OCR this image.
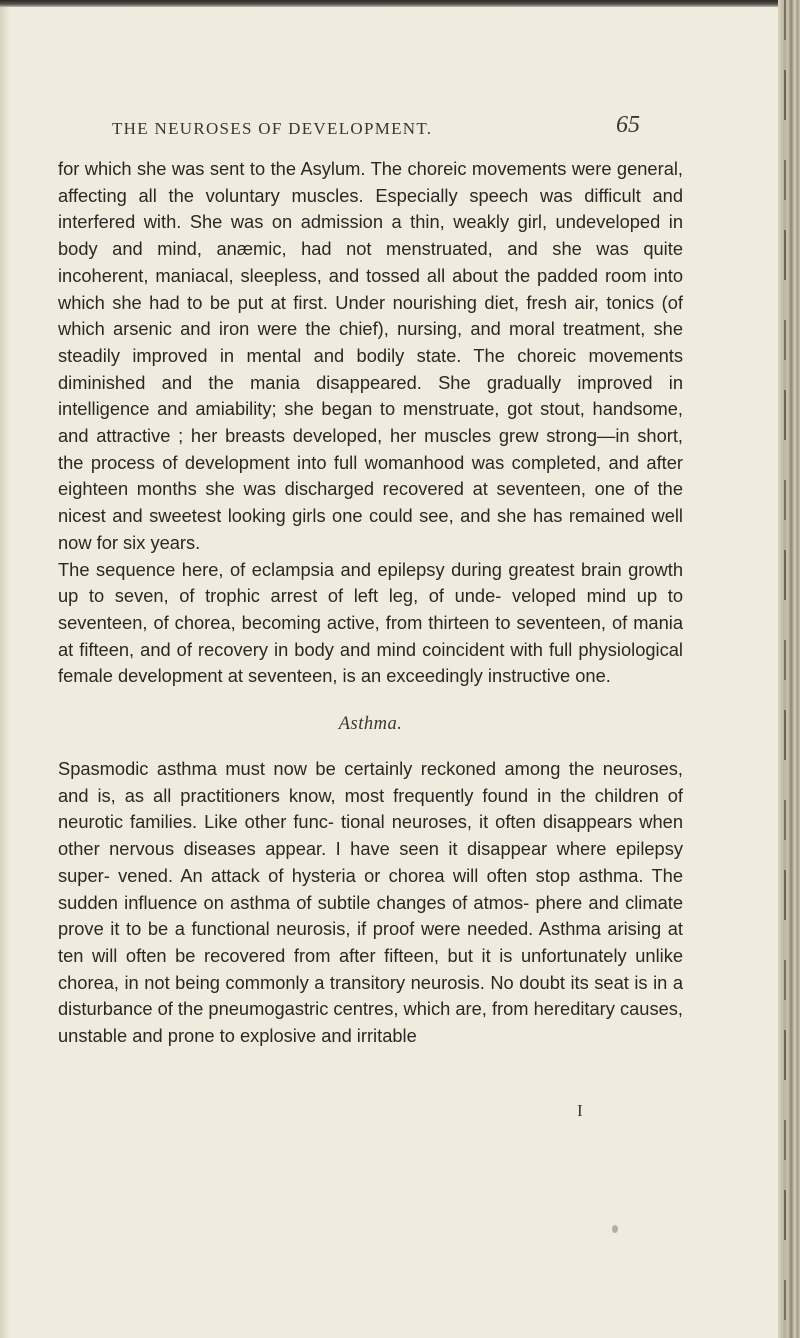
THE NEUROSES OF DEVELOPMENT.	65

for which she was sent to the Asylum. The choreic movements were general, affecting all the voluntary muscles. Especially speech was difficult and interfered with. She was on admission a thin, weakly girl, undeveloped in body and mind, anæmic, had not menstruated, and she was quite incoherent, maniacal, sleepless, and tossed all about the padded room into which she had to be put at first. Under nourishing diet, fresh air, tonics (of which arsenic and iron were the chief), nursing, and moral treatment, she steadily improved in mental and bodily state. The choreic movements diminished and the mania disappeared. She gradually improved in intelligence and amiability; she began to menstruate, got stout, handsome, and attractive ; her breasts developed, her muscles grew strong—in short, the process of development into full womanhood was completed, and after eighteen months she was discharged recovered at seventeen, one of the nicest and sweetest looking girls one could see, and she has remained well now for six years.

The sequence here, of eclampsia and epilepsy during greatest brain growth up to seven, of trophic arrest of left leg, of unde- veloped mind up to seventeen, of chorea, becoming active, from thirteen to seventeen, of mania at fifteen, and of recovery in body and mind coincident with full physiological female development at seventeen, is an exceedingly instructive one.

Asthma.

Spasmodic asthma must now be certainly reckoned among the neuroses, and is, as all practitioners know, most frequently found in the children of neurotic families. Like other func- tional neuroses, it often disappears when other nervous diseases appear. I have seen it disappear where epilepsy super- vened. An attack of hysteria or chorea will often stop asthma. The sudden influence on asthma of subtile changes of atmos- phere and climate prove it to be a functional neurosis, if proof were needed. Asthma arising at ten will often be recovered from after fifteen, but it is unfortunately unlike chorea, in not being commonly a transitory neurosis. No doubt its seat is in a disturbance of the pneumogastric centres, which are, from hereditary causes, unstable and prone to explosive and irritable

I
